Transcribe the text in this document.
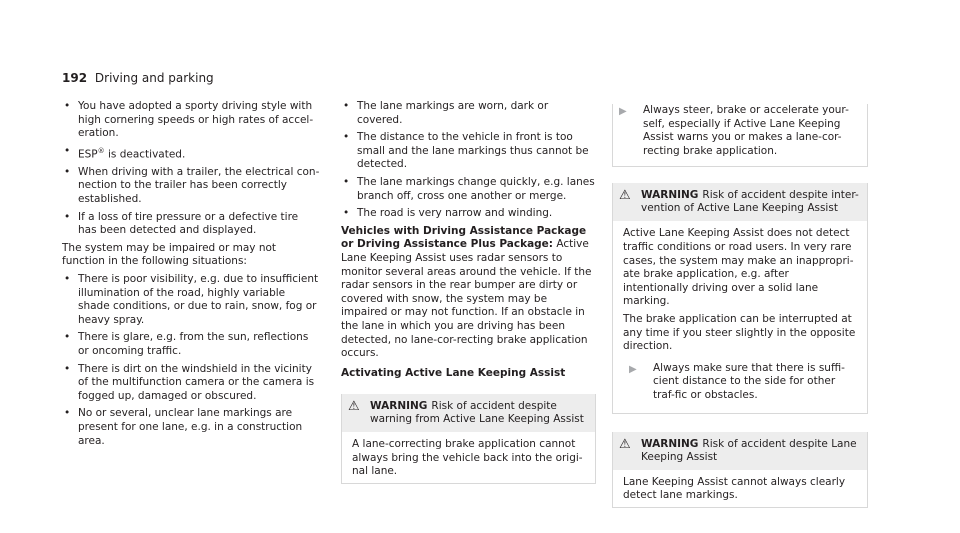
192 Driving and parking
• You have adopted a sporty driving style with high cornering speeds or high rates of accel-eration.
• ESP® is deactivated.
• When driving with a trailer, the electrical con-nection to the trailer has been correctly established.
• If a loss of tire pressure or a defective tire has been detected and displayed.

The system may be impaired or may not function in the following situations:

• There is poor visibility, e.g. due to insufficient illumination of the road, highly variable shade conditions, or due to rain, snow, fog or heavy spray.
• There is glare, e.g. from the sun, reflections or oncoming traffic.
• There is dirt on the windshield in the vicinity of the multifunction camera or the camera is fogged up, damaged or obscured.
• No or several, unclear lane markings are present for one lane, e.g. in a construction area.
• The lane markings are worn, dark or covered.
• The distance to the vehicle in front is too small and the lane markings thus cannot be detected.
• The lane markings change quickly, e.g. lanes branch off, cross one another or merge.
• The road is very narrow and winding.

Vehicles with Driving Assistance Package or Driving Assistance Plus Package: Active Lane Keeping Assist uses radar sensors to monitor several areas around the vehicle. If the radar sensors in the rear bumper are dirty or covered with snow, the system may be impaired or may not function. If an obstacle in the lane in which you are driving has been detected, no lane-cor-recting brake application occurs.

Activating Active Lane Keeping Assist
⚠ WARNING Risk of accident despite warning from Active Lane Keeping Assist
A lane-correcting brake application cannot always bring the vehicle back into the origi-nal lane.
▶ Always steer, brake or accelerate your-self, especially if Active Lane Keeping Assist warns you or makes a lane-cor-recting brake application.
⚠ WARNING Risk of accident despite inter-vention of Active Lane Keeping Assist

Active Lane Keeping Assist does not detect traffic conditions or road users. In very rare cases, the system may make an inappropri-ate brake application, e.g. after intentionally driving over a solid lane marking.

The brake application can be interrupted at any time if you steer slightly in the opposite direction.

▶ Always make sure that there is suffi-cient distance to the side for other traf-fic or obstacles.
⚠ WARNING Risk of accident despite Lane Keeping Assist
Lane Keeping Assist cannot always clearly detect lane markings.
